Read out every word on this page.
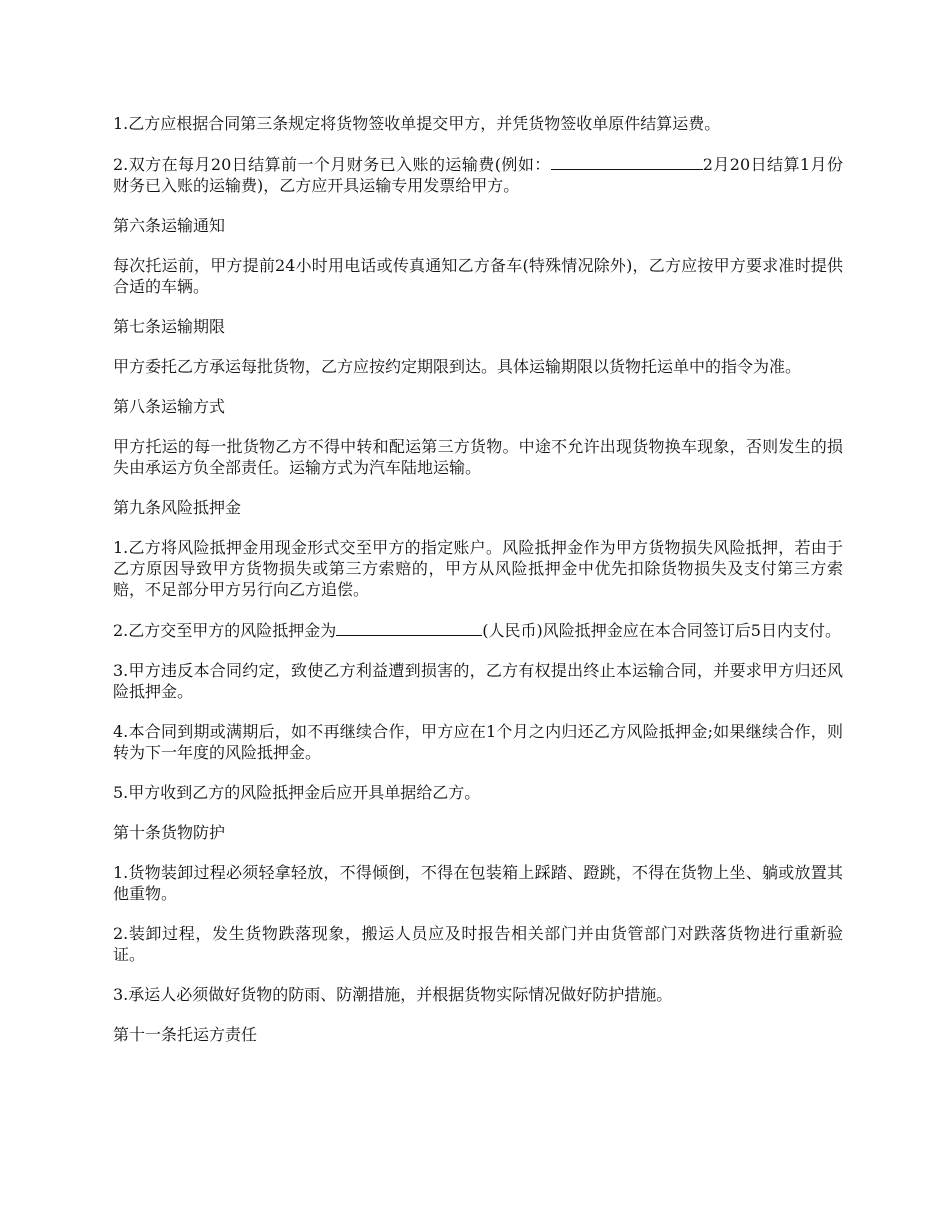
1.乙方应根据合同第三条规定将货物签收单提交甲方，并凭货物签收单原件结算运费。

2.双方在每月20日结算前一个月财务已入账的运输费(例如：	2月20日结算1月份财务已入账的运输费)，乙方应开具运输专用发票给甲方。

第六条运输通知

每次托运前，甲方提前24小时用电话或传真通知乙方备车(特殊情况除外)，乙方应按甲方要求准时提供合适的车辆。

第七条运输期限

甲方委托乙方承运每批货物，乙方应按约定期限到达。具体运输期限以货物托运单中的指令为准。

第八条运输方式

甲方托运的每一批货物乙方不得中转和配运第三方货物。中途不允许出现货物换车现象，否则发生的损失由承运方负全部责任。运输方式为汽车陆地运输。

第九条风险抵押金

1.乙方将风险抵押金用现金形式交至甲方的指定账户。风险抵押金作为甲方货物损失风险抵押，若由于乙方原因导致甲方货物损失或第三方索赔的，甲方从风险抵押金中优先扣除货物损失及支付第三方索赔，不足部分甲方另行向乙方追偿。

2.乙方交至甲方的风险抵押金为	(人民币)风险抵押金应在本合同签订后5日内支付。

3.甲方违反本合同约定，致使乙方利益遭到损害的，乙方有权提出终止本运输合同，并要求甲方归还风险抵押金。

4.本合同到期或满期后，如不再继续合作，甲方应在1个月之内归还乙方风险抵押金;如果继续合作，则转为下一年度的风险抵押金。

5.甲方收到乙方的风险抵押金后应开具单据给乙方。

第十条货物防护

1.货物装卸过程必须轻拿轻放，不得倾倒，不得在包装箱上踩踏、蹬跳，不得在货物上坐、躺或放置其他重物。

2.装卸过程，发生货物跌落现象，搬运人员应及时报告相关部门并由货管部门对跌落货物进行重新验证。

3.承运人必须做好货物的防雨、防潮措施，并根据货物实际情况做好防护措施。

第十一条托运方责任
